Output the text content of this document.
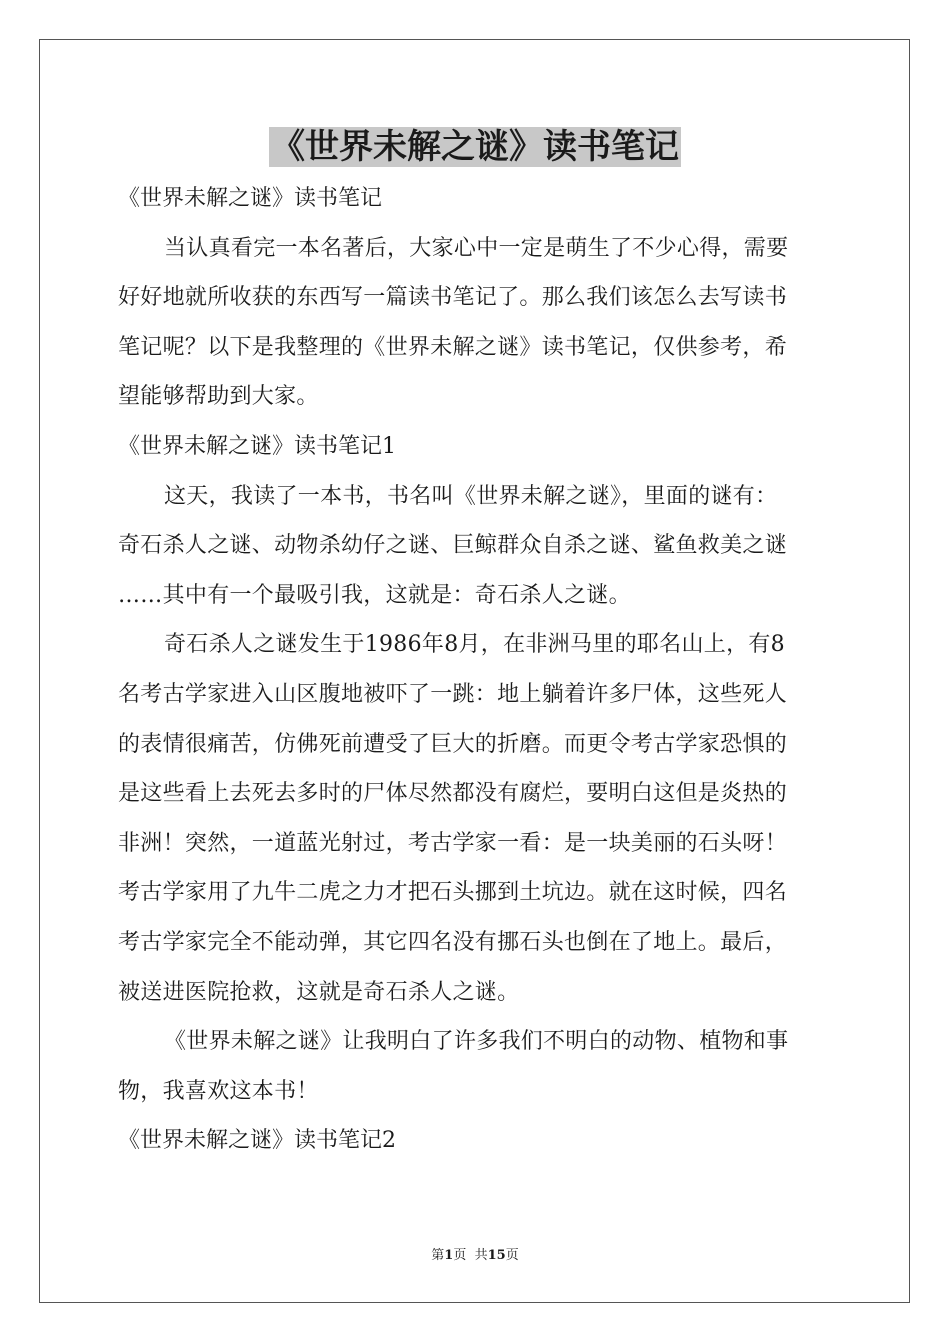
《世界未解之谜》读书笔记
《世界未解之谜》读书笔记
当认真看完一本名著后，大家心中一定是萌生了不少心得，需要
好好地就所收获的东西写一篇读书笔记了。那么我们该怎么去写读书
笔记呢？以下是我整理的《世界未解之谜》读书笔记，仅供参考，希
望能够帮助到大家。
《世界未解之谜》读书笔记1
这天，我读了一本书，书名叫《世界未解之谜》，里面的谜有：
奇石杀人之谜、动物杀幼仔之谜、巨鲸群众自杀之谜、鲨鱼救美之谜
……其中有一个最吸引我，这就是：奇石杀人之谜。
奇石杀人之谜发生于1986年8月，在非洲马里的耶名山上，有8
名考古学家进入山区腹地被吓了一跳：地上躺着许多尸体，这些死人
的表情很痛苦，仿佛死前遭受了巨大的折磨。而更令考古学家恐惧的
是这些看上去死去多时的尸体尽然都没有腐烂，要明白这但是炎热的
非洲！突然，一道蓝光射过，考古学家一看：是一块美丽的石头呀！
考古学家用了九牛二虎之力才把石头挪到土坑边。就在这时候，四名
考古学家完全不能动弹，其它四名没有挪石头也倒在了地上。最后，
被送进医院抢救，这就是奇石杀人之谜。
《世界未解之谜》让我明白了许多我们不明白的动物、植物和事
物，我喜欢这本书！
《世界未解之谜》读书笔记2
第1页  共15页
